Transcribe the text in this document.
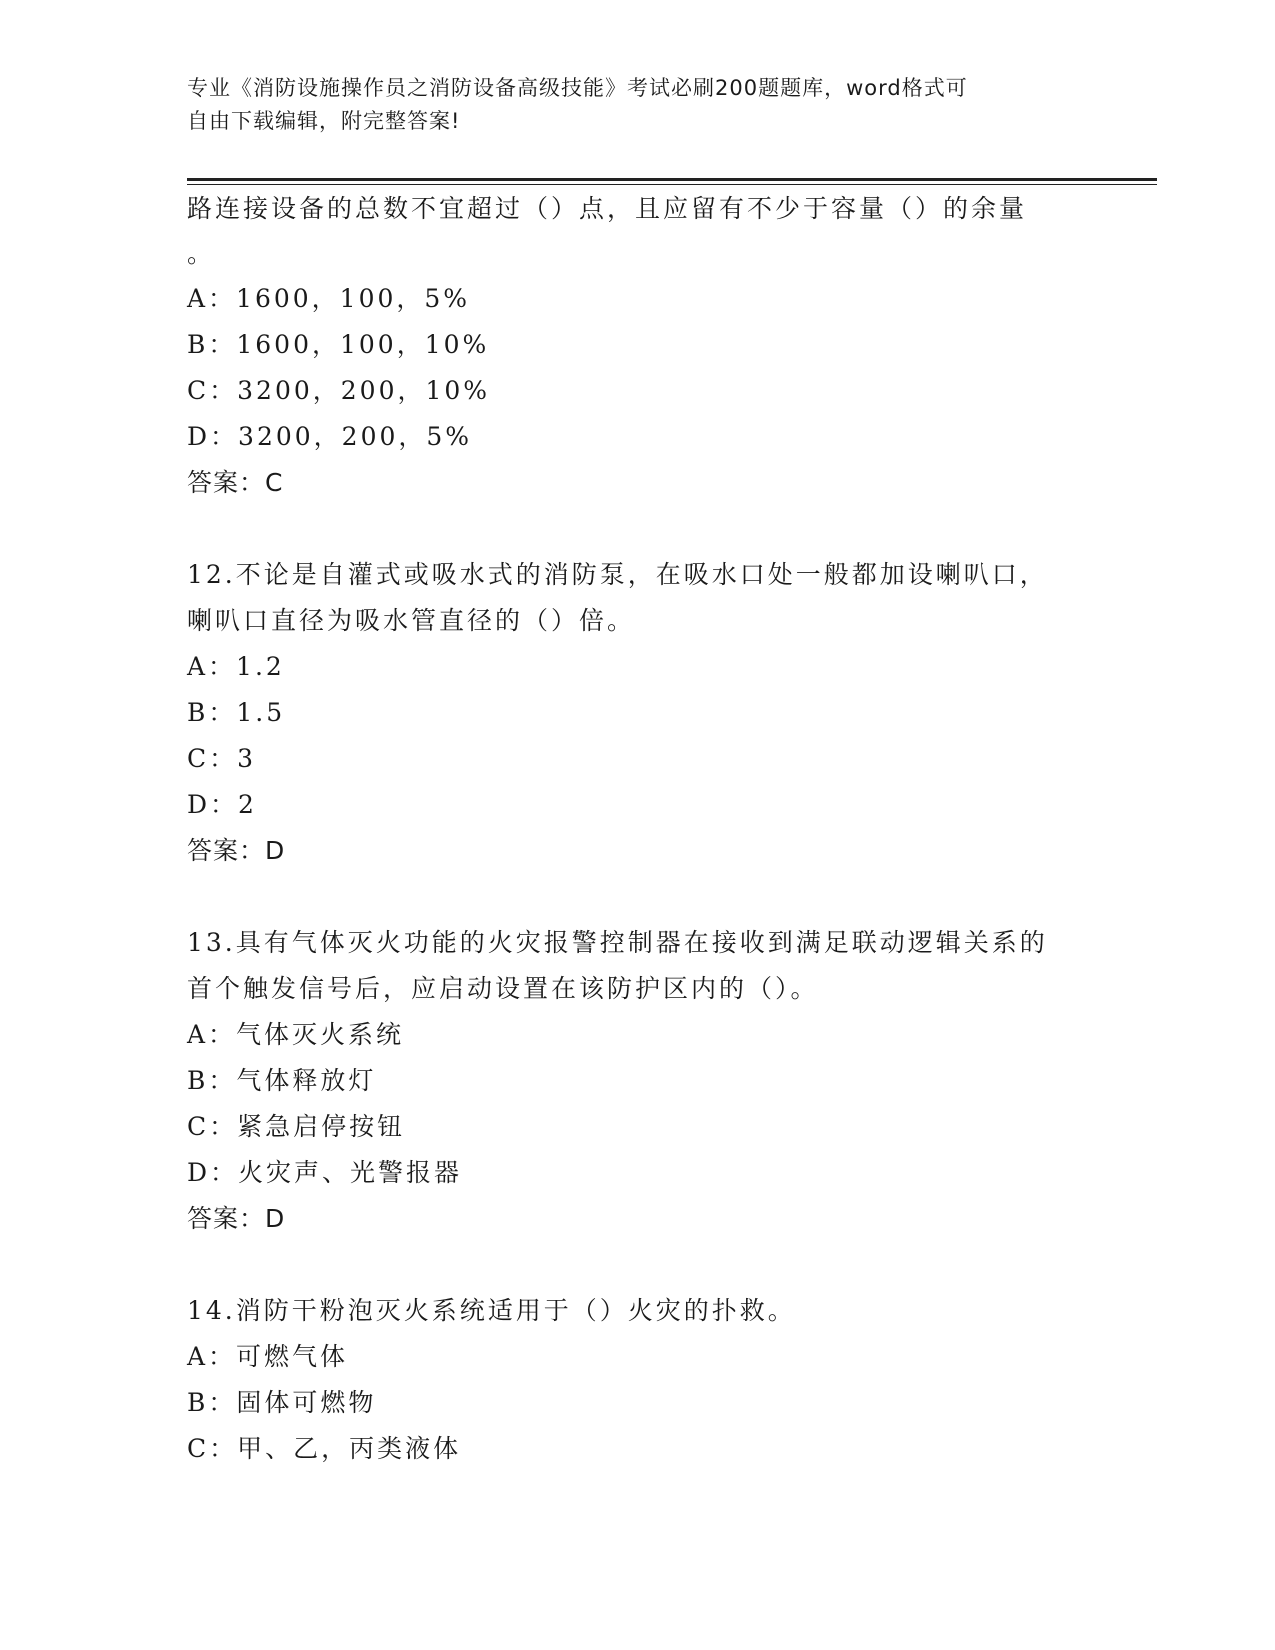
专业《消防设施操作员之消防设备高级技能》考试必刷200题题库，word格式可
自由下载编辑，附完整答案!
路连接设备的总数不宜超过（）点，且应留有不少于容量（）的余量
。
A：1600，100，5%
B：1600，100，10%
C：3200，200，10%
D：3200，200，5%
答案：C
12.不论是自灌式或吸水式的消防泵，在吸水口处一般都加设喇叭口，
喇叭口直径为吸水管直径的（）倍。
A：1.2
B：1.5
C：3
D：2
答案：D
13.具有气体灭火功能的火灾报警控制器在接收到满足联动逻辑关系的
首个触发信号后，应启动设置在该防护区内的（）。
A：气体灭火系统
B：气体释放灯
C：紧急启停按钮
D：火灾声、光警报器
答案：D
14.消防干粉泡灭火系统适用于（）火灾的扑救。
A：可燃气体
B：固体可燃物
C：甲、乙，丙类液体
